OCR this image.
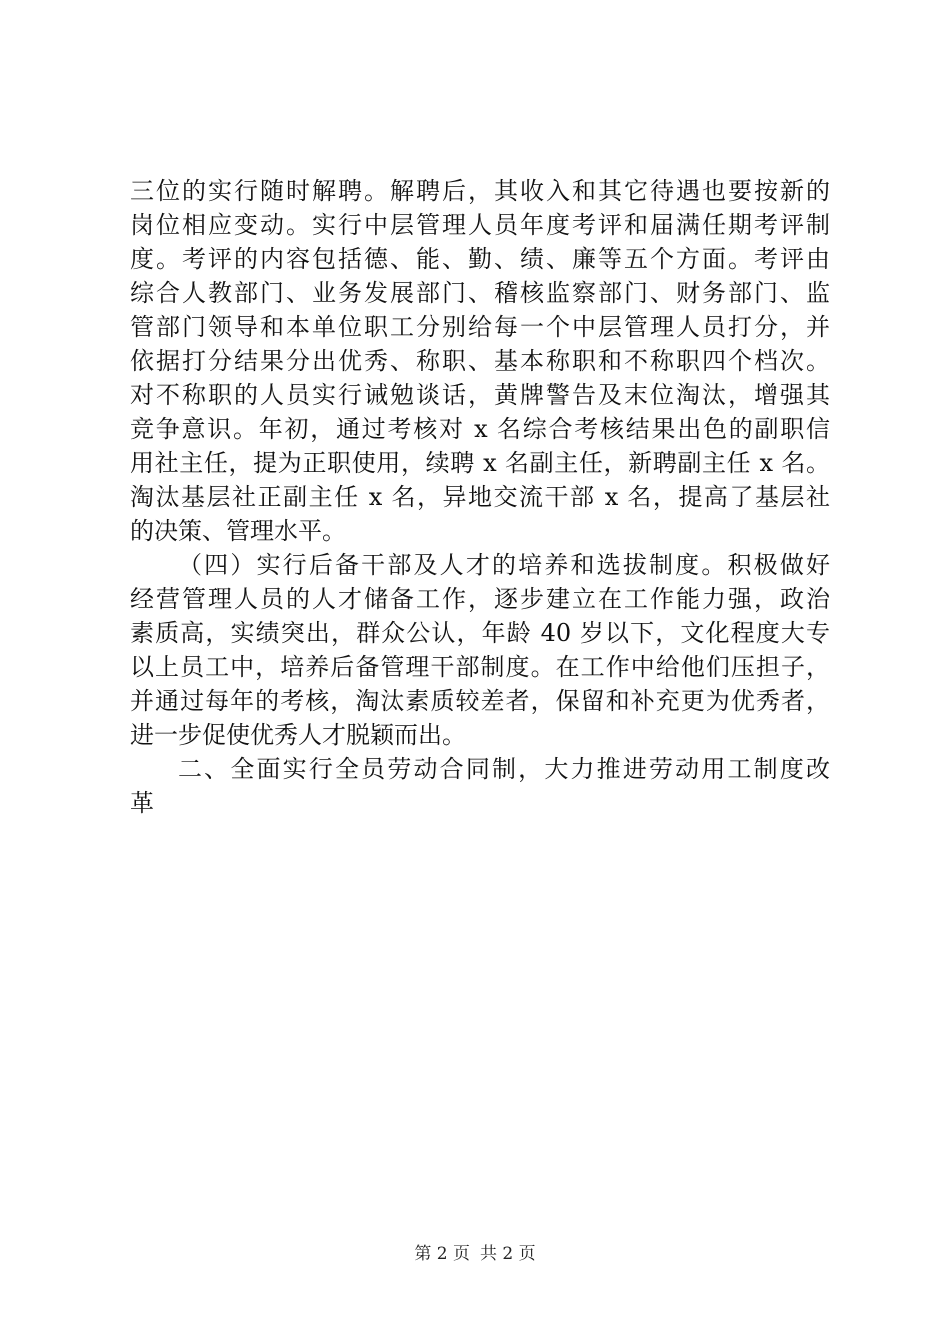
三位的实行随时解聘。解聘后，其收入和其它待遇也要按新的
岗位相应变动。实行中层管理人员年度考评和届满任期考评制
度。考评的内容包括德、能、勤、绩、廉等五个方面。考评由
综合人教部门、业务发展部门、稽核监察部门、财务部门、监
管部门领导和本单位职工分别给每一个中层管理人员打分，并
依据打分结果分出优秀、称职、基本称职和不称职四个档次。
对不称职的人员实行诫勉谈话，黄牌警告及末位淘汰，增强其
竞争意识。年初，通过考核对 x 名综合考核结果出色的副职信
用社主任，提为正职使用，续聘 x 名副主任，新聘副主任 x 名。
淘汰基层社正副主任 x 名，异地交流干部 x 名，提高了基层社
的决策、管理水平。
（四）实行后备干部及人才的培养和选拔制度。积极做好
经营管理人员的人才储备工作，逐步建立在工作能力强，政治
素质高，实绩突出，群众公认，年龄 40 岁以下，文化程度大专
以上员工中，培养后备管理干部制度。在工作中给他们压担子，
并通过每年的考核，淘汰素质较差者，保留和补充更为优秀者，
进一步促使优秀人才脱颖而出。
二、全面实行全员劳动合同制，大力推进劳动用工制度改
革
第 2 页 共 2 页
